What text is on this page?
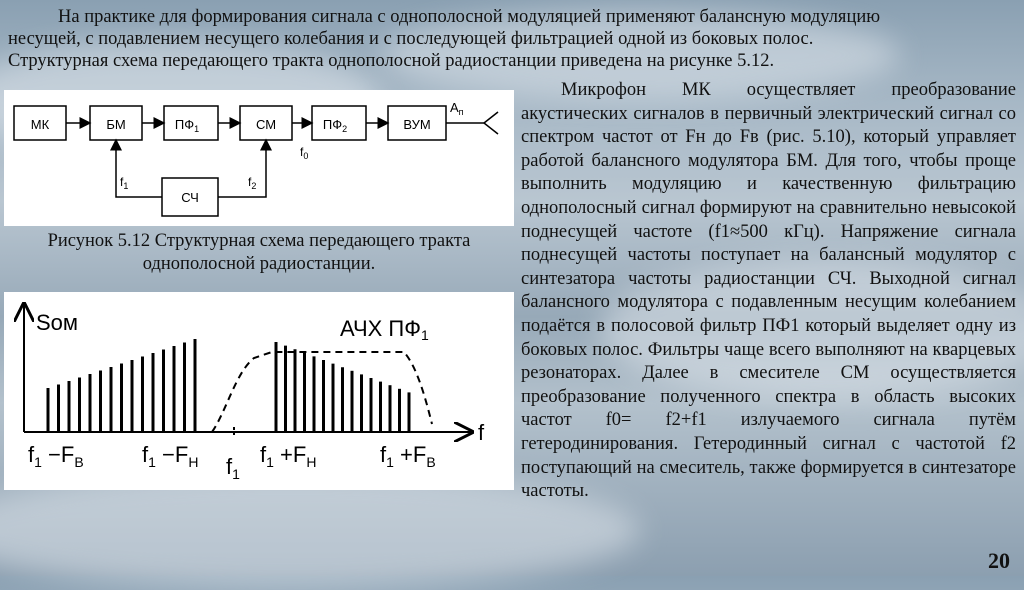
На практике для формирования сигнала с однополосной модуляцией применяют балансную модуляцию
несущей, с подавлением несущего колебания и с последующей фильтрацией одной из боковых полос.
Структурная схема передающего тракта однополосной радиостанции приведена на рисунке 5.12.
МК	БМ	$ПФ_1$	СМ	$ПФ_2$	ВУМ
СЧ
$А_п$
$f_0$
$f_1$	$f_2$
Рисунок 5.12 Структурная схема передающего тракта
однополосной радиостанции.
Sом
f
АЧХ ПФ1
$f_1 -F_В$	$f_1 -F_Н$ $f_1$
$f_1 +F_Н$	$f_1 +F_В$

Микрофон МК осуществляет преобразование акустических сигналов в первичный электрический сигнал со спектром частот от Fн до Fв (рис. 5.10), который управляет работой балансного модулятора БМ. Для того, чтобы проще выполнить модуляцию и качественную фильтрацию однополосный сигнал формируют на сравнительно невысокой поднесущей частоте (f1≈500 кГц). Напряжение сигнала поднесущей частоты поступает на балансный модулятор с синтезатора частоты радиостанции СЧ. Выходной сигнал балансного модулятора с подавленным несущим колебанием подаётся в полосовой фильтр ПФ1 который выделяет одну из боковых полос. Фильтры чаще всего выполняют на кварцевых резонаторах. Далее в смесителе СМ осуществляется преобразование полученного спектра в область высоких частот f0= f2+f1 излучаемого сигнала путём гетеродинирования. Гетеродинный сигнал с частотой f2 поступающий на смеситель, также формируется в синтезаторе частоты.

20
